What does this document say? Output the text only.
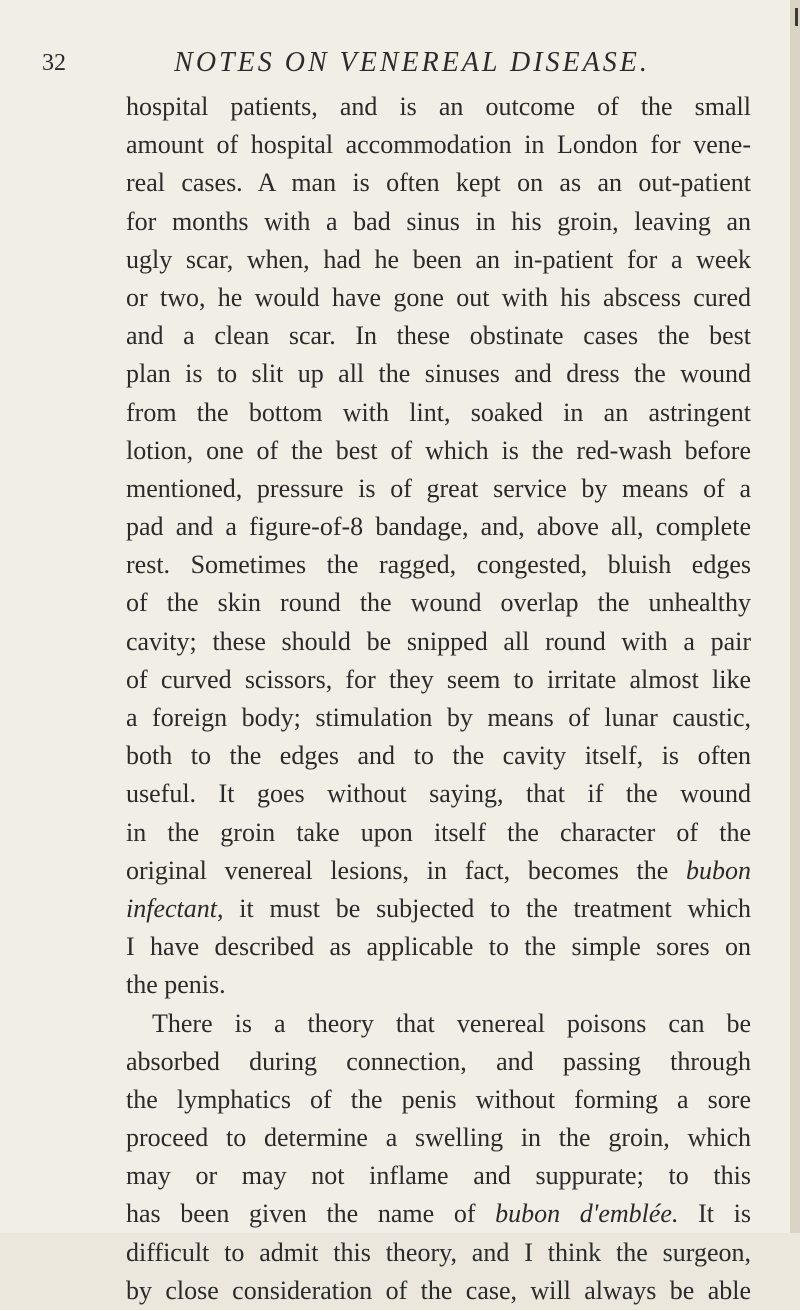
32	NOTES ON VENEREAL DISEASE.
hospital patients, and is an outcome of the small
amount of hospital accommodation in London for vene-
real cases. A man is often kept on as an out-patient
for months with a bad sinus in his groin, leaving an
ugly scar, when, had he been an in-patient for a week
or two, he would have gone out with his abscess cured
and a clean scar. In these obstinate cases the best
plan is to slit up all the sinuses and dress the wound
from the bottom with lint, soaked in an astringent
lotion, one of the best of which is the red-wash before
mentioned, pressure is of great service by means of a
pad and a figure-of-8 bandage, and, above all, complete
rest. Sometimes the ragged, congested, bluish edges
of the skin round the wound overlap the unhealthy
cavity; these should be snipped all round with a pair
of curved scissors, for they seem to irritate almost like
a foreign body; stimulation by means of lunar caustic,
both to the edges and to the cavity itself, is often
useful. It goes without saying, that if the wound
in the groin take upon itself the character of the
original venereal lesions, in fact, becomes the bubon
infectant, it must be subjected to the treatment which
I have described as applicable to the simple sores on
the penis.
There is a theory that venereal poisons can be
absorbed during connection, and passing through
the lymphatics of the penis without forming a sore
proceed to determine a swelling in the groin, which
may or may not inflame and suppurate; to this
has been given the name of bubon d'emblée. It is
difficult to admit this theory, and I think the surgeon,
by close consideration of the case, will always be able
